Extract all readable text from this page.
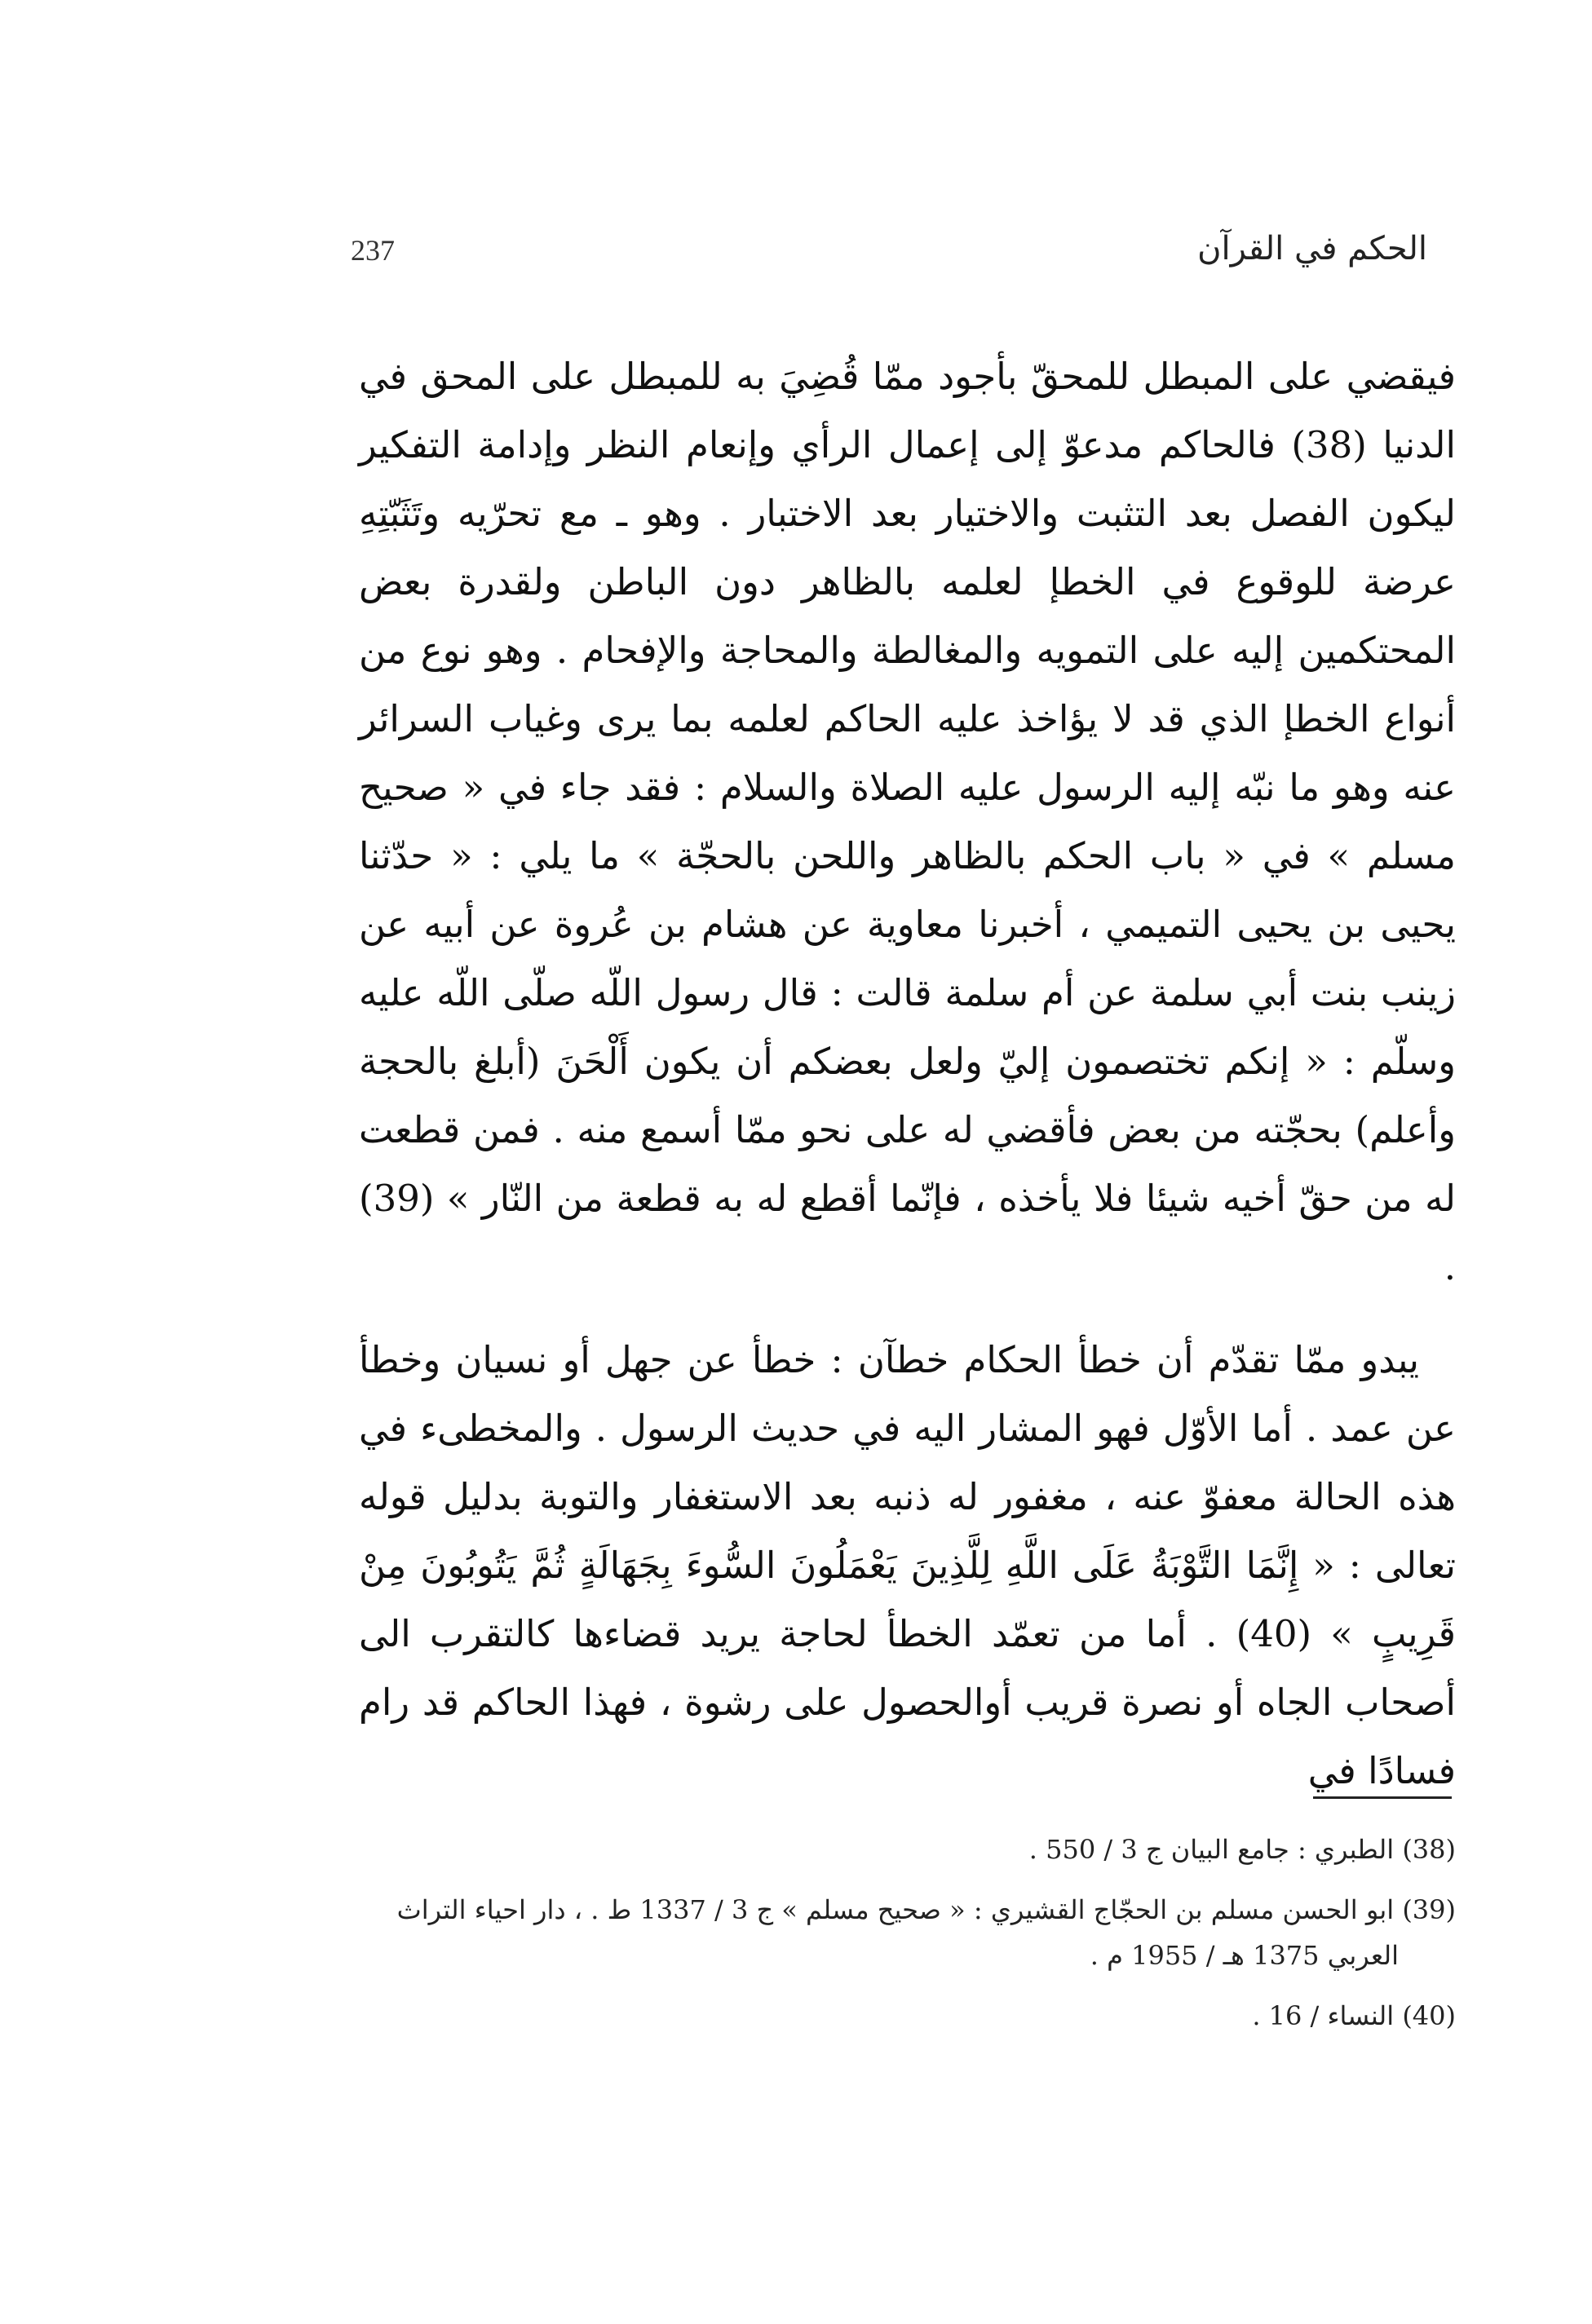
237	الحكم في القرآن

فيقضي على المبطل للمحقّ بأجود ممّا قُضِيَ به للمبطل على المحق في الدنيا (38) فالحاكم مدعوّ إلى إعمال الرأي وإنعام النظر وإدامة التفكير ليكون الفصل بعد التثبت والاختيار بعد الاختبار . وهو ـ مع تحرّيه وتَثَبّتِهِ عرضة للوقوع في الخطإ لعلمه بالظاهر دون الباطن ولقدرة بعض المحتكمين إليه على التمويه والمغالطة والمحاجة والإفحام . وهو نوع من أنواع الخطإ الذي قد لا يؤاخذ عليه الحاكم لعلمه بما يرى وغياب السرائر عنه وهو ما نبّه إليه الرسول عليه الصلاة والسلام : فقد جاء في « صحيح مسلم » في « باب الحكم بالظاهر واللحن بالحجّة » ما يلي : « حدّثنا يحيى بن يحيى التميمي ، أخبرنا معاوية عن هشام بن عُروة عن أبيه عن زينب بنت أبي سلمة عن أم سلمة قالت : قال رسول اللّه صلّى اللّه عليه وسلّم : « إنكم تختصمون إليّ ولعل بعضكم أن يكون أَلْحَنَ (أبلغ بالحجة وأعلم) بحجّته من بعض فأقضي له على نحو ممّا أسمع منه . فمن قطعت له من حقّ أخيه شيئا فلا يأخذه ، فإنّما أقطع له به قطعة من النّار » (39) .

يبدو ممّا تقدّم أن خطأ الحكام خطآن : خطأ عن جهل أو نسيان وخطأ عن عمد . أما الأوّل فهو المشار اليه في حديث الرسول . والمخطىء في هذه الحالة معفوّ عنه ، مغفور له ذنبه بعد الاستغفار والتوبة بدليل قوله تعالى : « إِنَّمَا التَّوْبَةُ عَلَى اللَّهِ لِلَّذِينَ يَعْمَلُونَ السُّوءَ بِجَهَالَةٍ ثُمَّ يَتُوبُونَ مِنْ قَرِيبٍ » (40) . أما من تعمّد الخطأ لحاجة يريد قضاءها كالتقرب الى أصحاب الجاه أو نصرة قريب أوالحصول على رشوة ، فهذا الحاكم قد رام فسادًا في

(38) الطبري : جامع البيان ج 3 / 550 .

(39) ابو الحسن مسلم بن الحجّاج القشيري : « صحيح مسلم » ج 3 / 1337 ط . ، دار احياء التراث
العربي 1375 هـ / 1955 م .

(40) النساء / 16 .
